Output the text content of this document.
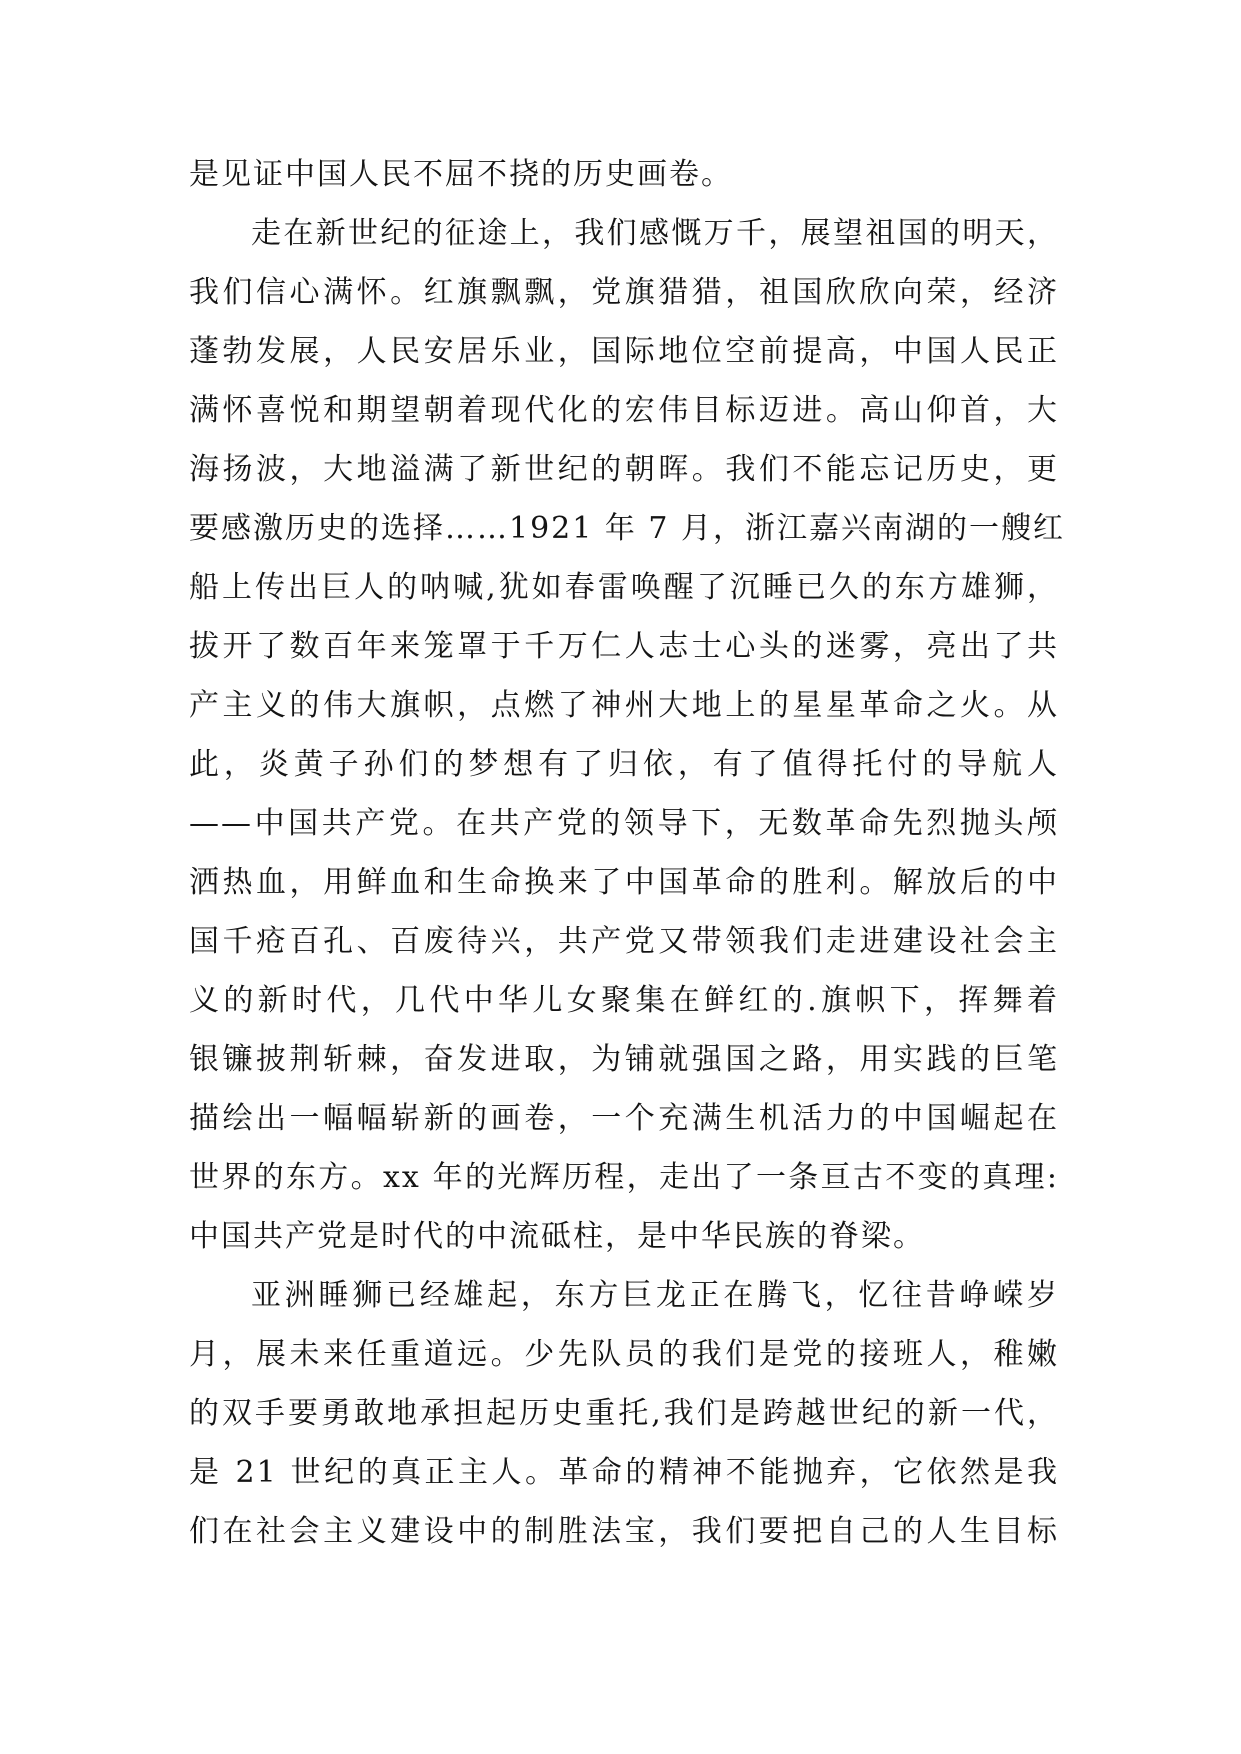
是见证中国人民不屈不挠的历史画卷。
走在新世纪的征途上，我们感慨万千，展望祖国的明天，
我们信心满怀。红旗飘飘，党旗猎猎，祖国欣欣向荣，经济
蓬勃发展，人民安居乐业，国际地位空前提高，中国人民正
满怀喜悦和期望朝着现代化的宏伟目标迈进。高山仰首，大
海扬波，大地溢满了新世纪的朝晖。我们不能忘记历史，更
要感激历史的选择……1921 年 7 月，浙江嘉兴南湖的一艘红
船上传出巨人的呐喊,犹如春雷唤醒了沉睡已久的东方雄狮，
拔开了数百年来笼罩于千万仁人志士心头的迷雾，亮出了共
产主义的伟大旗帜，点燃了神州大地上的星星革命之火。从
此，炎黄子孙们的梦想有了归依，有了值得托付的导航人
——中国共产党。在共产党的领导下，无数革命先烈抛头颅
洒热血，用鲜血和生命换来了中国革命的胜利。解放后的中
国千疮百孔、百废待兴，共产党又带领我们走进建设社会主
义的新时代，几代中华儿女聚集在鲜红的.旗帜下，挥舞着
银镰披荆斩棘，奋发进取，为铺就强国之路，用实践的巨笔
描绘出一幅幅崭新的画卷，一个充满生机活力的中国崛起在
世界的东方。xx 年的光辉历程，走出了一条亘古不变的真理:
中国共产党是时代的中流砥柱，是中华民族的脊梁。
亚洲睡狮已经雄起，东方巨龙正在腾飞，忆往昔峥嵘岁
月，展未来任重道远。少先队员的我们是党的接班人，稚嫩
的双手要勇敢地承担起历史重托,我们是跨越世纪的新一代，
是 21 世纪的真正主人。革命的精神不能抛弃，它依然是我
们在社会主义建设中的制胜法宝，我们要把自己的人生目标
